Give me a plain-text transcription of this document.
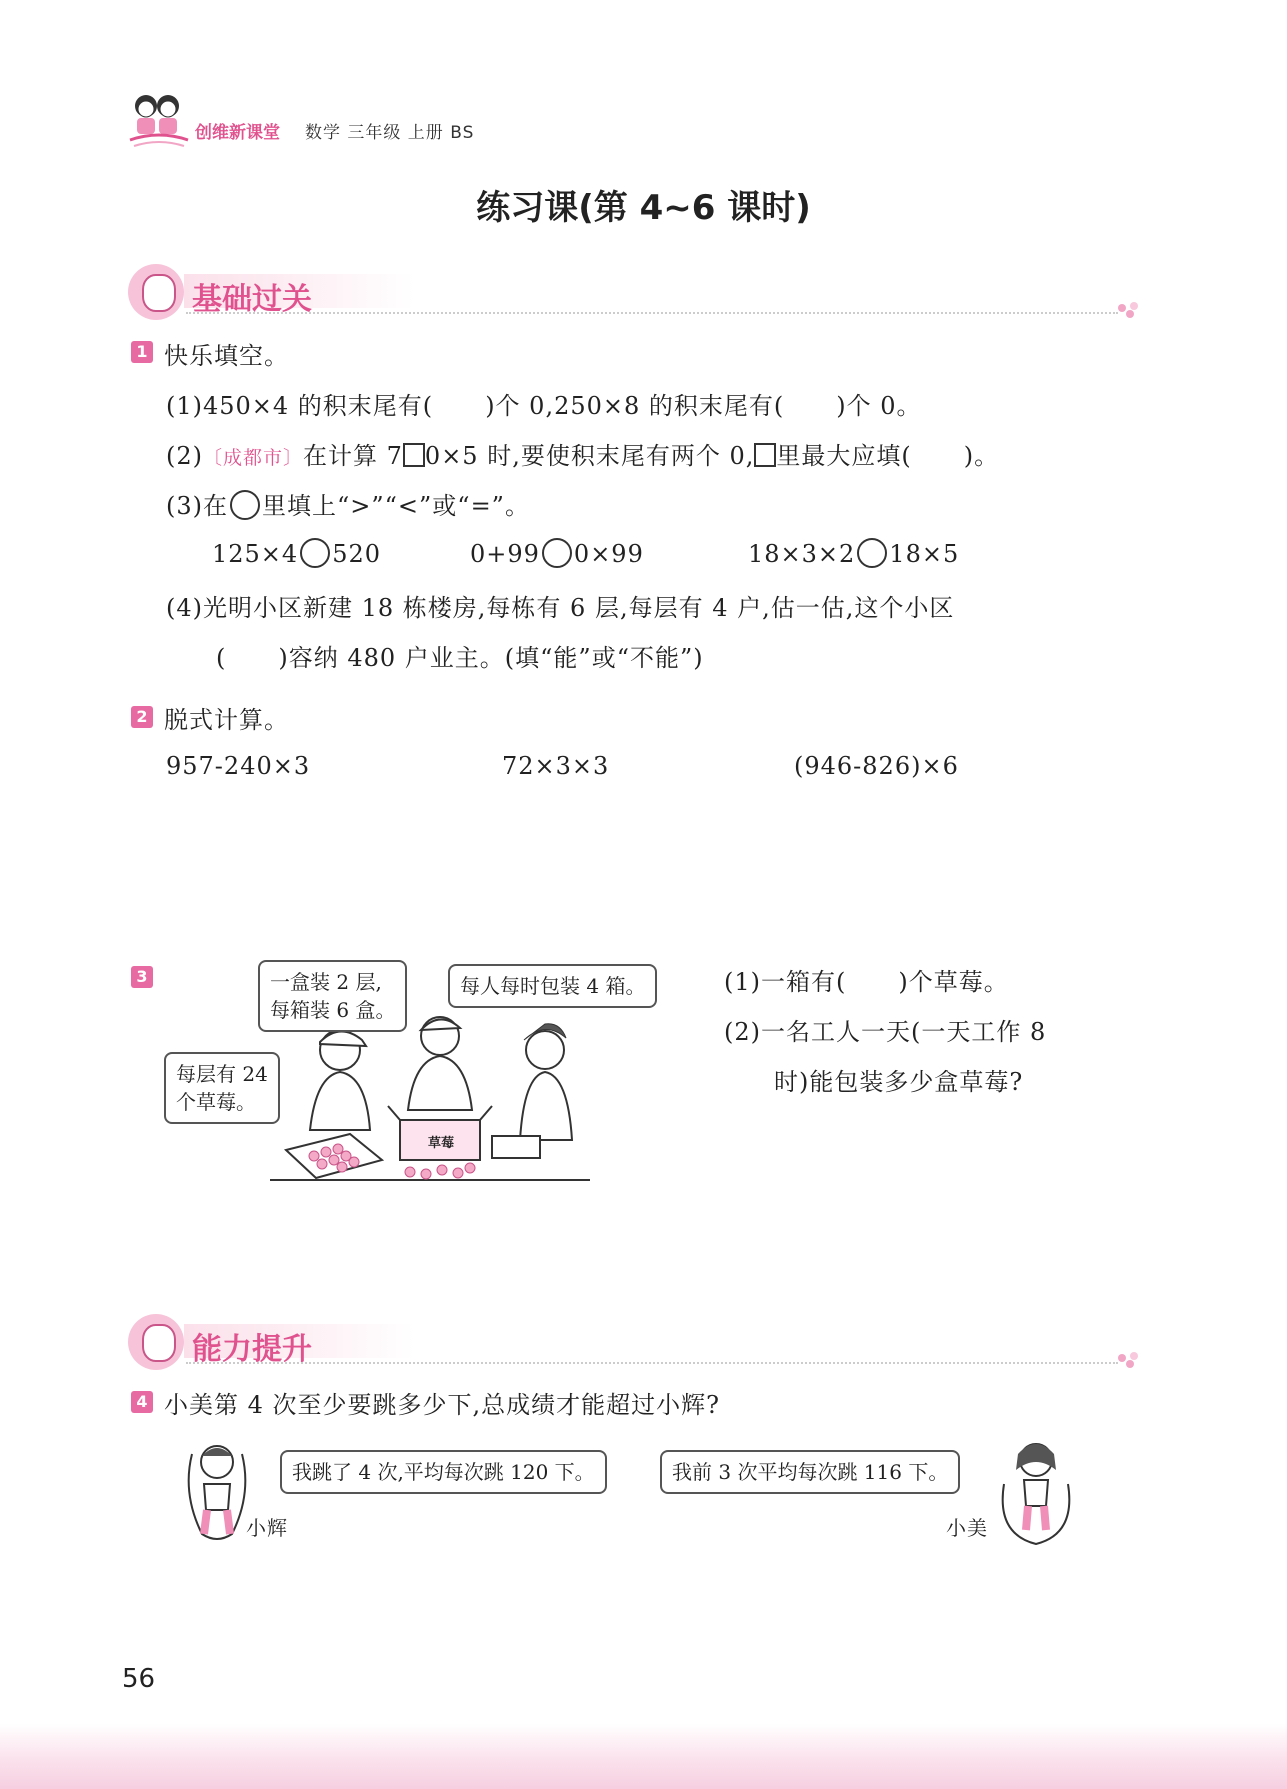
创维新课堂 数学 三年级 上册 BS
练习课(第 4~6 课时)
基础过关
1 快乐填空。
(1)450×4 的积末尾有( )个 0,250×8 的积末尾有( )个 0。
(2)〔成都市〕在计算 7 0×5 时,要使积末尾有两个 0, 里最大应填( )。
(3)在 里填上“>”“<”或“=”。
125×4 520	0+99 0×99	18×3×2 18×5
(4)光明小区新建 18 栋楼房,每栋有 6 层,每层有 4 户,估一估,这个小区
( )容纳 480 户业主。(填“能”或“不能”)
2 脱式计算。
957-240×3	72×3×3	(946-826)×6
3
草莓
一盒装 2 层,
每箱装 6 盒。
每人每时包装 4 箱。
每层有 24
个草莓。
(1)一箱有( )个草莓。
(2)一名工人一天(一天工作 8
时)能包装多少盒草莓?
能力提升
4 小美第 4 次至少要跳多少下,总成绩才能超过小辉?
我跳了 4 次,平均每次跳 120 下。	我前 3 次平均每次跳 116 下。
小辉	小美
56
